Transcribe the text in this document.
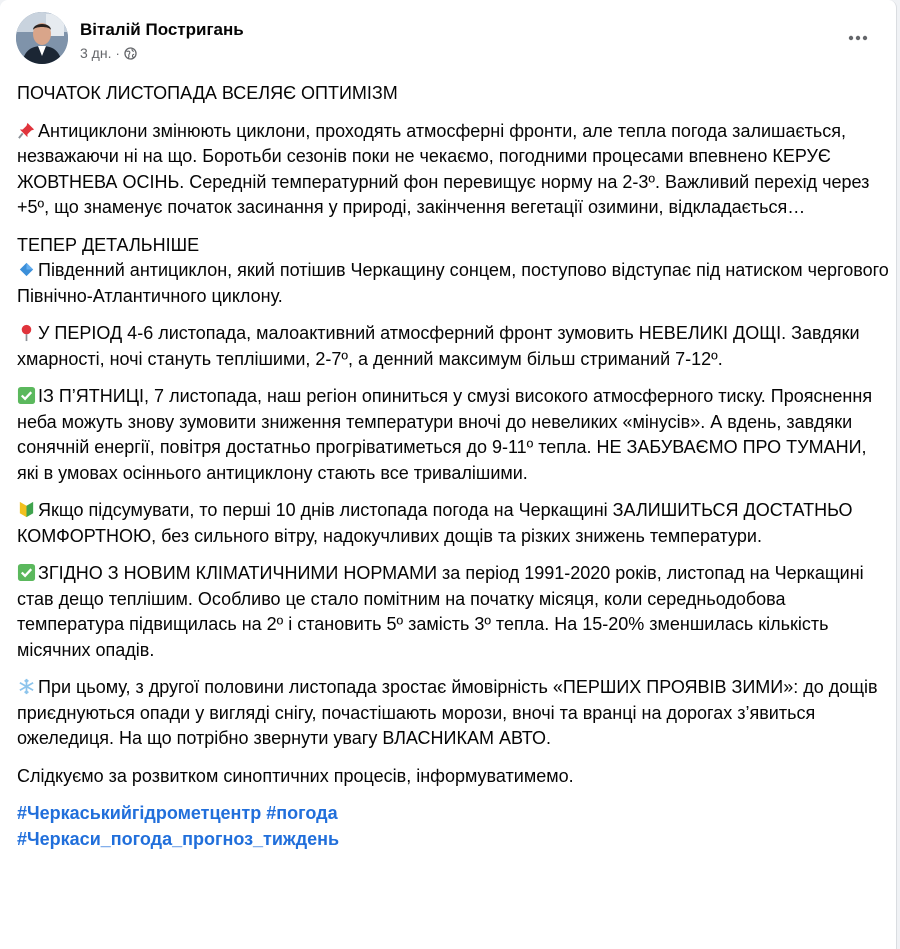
Віталій Постригань
3 дн. ·

ПОЧАТОК ЛИСТОПАДА ВСЕЛЯЄ ОПТИМІЗМ

Антициклони змінюють циклони, проходять атмосферні фронти, але тепла погода залишається, незважаючи ні на що. Боротьби сезонів поки не чекаємо, погодними процесами впевнено КЕРУЄ ЖОВТНЕВА ОСІНЬ. Середній температурний фон перевищує норму на 2-3º. Важливий перехід через +5º, що знаменує початок засинання у природі, закінчення вегетації озимини, відкладається…

ТЕПЕР ДЕТАЛЬНІШЕ

Південний антициклон, який потішив Черкащину сонцем, поступово відступає під натиском чергового Північно-Атлантичного циклону.

У ПЕРІОД 4-6 листопада, малоактивний атмосферний фронт зумовить НЕВЕЛИКІ ДОЩІ. Завдяки хмарності, ночі стануть теплішими, 2-7º, а денний максимум більш стриманий 7-12º.

ІЗ П’ЯТНИЦІ, 7 листопада, наш регіон опиниться у смузі високого атмосферного тиску. Прояснення неба можуть знову зумовити зниження температури вночі до невеликих «мінусів». А вдень, завдяки сонячній енергії, повітря достатньо прогріватиметься до 9-11º тепла. НЕ ЗАБУВАЄМО ПРО ТУМАНИ, які в умовах осіннього антициклону стають все тривалішими.

Якщо підсумувати, то перші 10 днів листопада погода на Черкащині ЗАЛИШИТЬСЯ ДОСТАТНЬО КОМФОРТНОЮ, без сильного вітру, надокучливих дощів та різких знижень температури.

ЗГІДНО З НОВИМ КЛІМАТИЧНИМИ НОРМАМИ за період 1991-2020 років, листопад на Черкащині став дещо теплішим. Особливо це стало помітним на початку місяця, коли середньодобова температура підвищилась на 2º і становить 5º замість 3º тепла. На 15-20% зменшилась кількість місячних опадів.

При цьому, з другої половини листопада зростає ймовірність «ПЕРШИХ ПРОЯВІВ ЗИМИ»: до дощів приєднуються опади у вигляді снігу, почастішають морози, вночі та вранці на дорогах з’явиться ожеледиця. На що потрібно звернути увагу ВЛАСНИКАМ АВТО.

Слідкуємо за розвитком синоптичних процесів, інформуватимемо.

#Черкаськийгідрометцентр #погода
#Черкаси_погода_прогноз_тиждень
